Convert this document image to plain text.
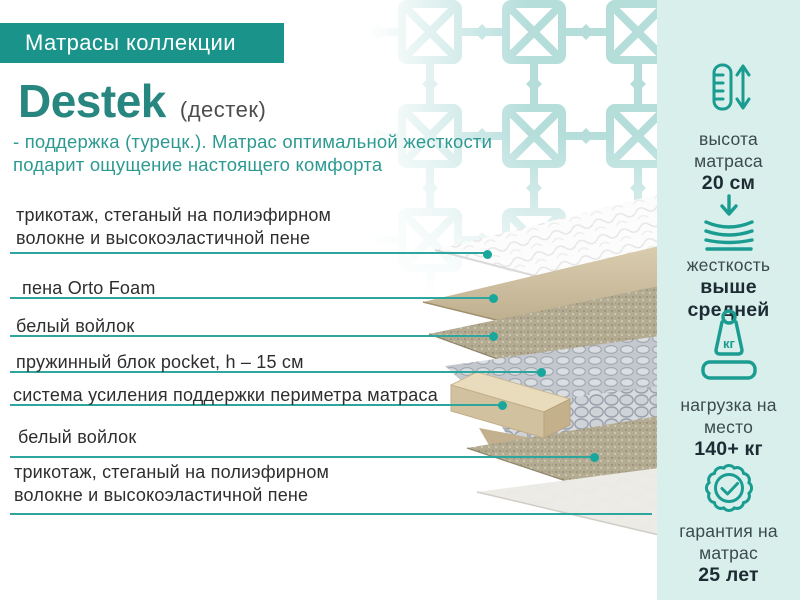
Матрасы коллекции
Destek (дестек)
- поддержка (турецк.). Матрас оптимальной жесткости
подарит ощущение настоящего комфорта
трикотаж, стеганый на полиэфирном
волокне и высокоэластичной пене
пена Orto Foam
белый войлок
пружинный блок pocket, h – 15 см
система усиления поддержки периметра матраса
белый войлок
трикотаж, стеганый на полиэфирном
волокне и высокоэластичной пене
высота
матраса
20 см
жесткость
выше средней
кг
нагрузка на
место
140+ кг
гарантия на
матрас
25 лет
